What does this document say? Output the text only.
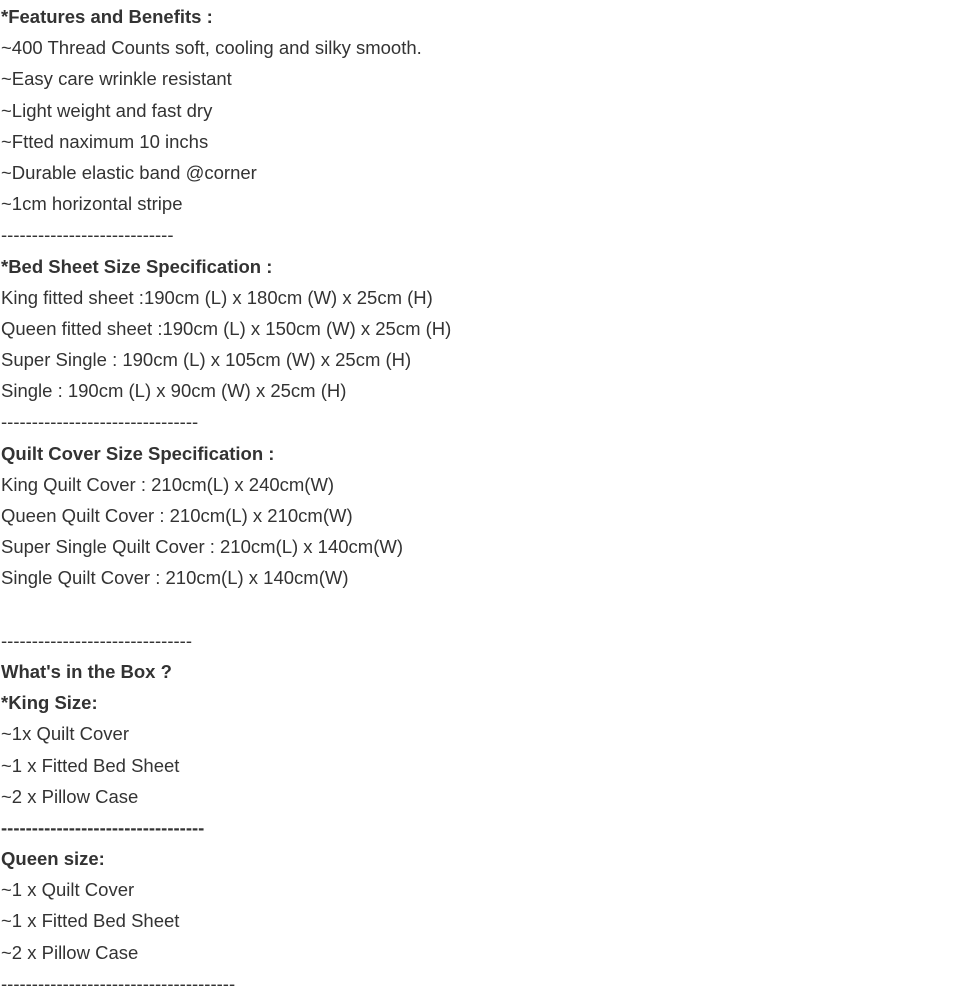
*Features and Benefits :
~400 Thread Counts soft, cooling and silky smooth.
~Easy care wrinkle resistant
~Light weight and fast dry
~Ftted naximum 10 inchs
~Durable elastic band @corner
~1cm horizontal stripe
----------------------------
*Bed Sheet Size Specification :
King fitted sheet :190cm (L) x 180cm (W) x 25cm (H)
Queen fitted sheet :190cm (L) x 150cm (W) x 25cm (H)
Super Single : 190cm (L) x 105cm (W) x 25cm (H)
Single : 190cm (L) x 90cm (W) x 25cm (H)
--------------------------------
Quilt Cover Size Specification :
King Quilt Cover : 210cm(L) x 240cm(W)
Queen Quilt Cover : 210cm(L) x 210cm(W)
Super Single Quilt Cover : 210cm(L) x 140cm(W)
Single Quilt Cover : 210cm(L) x 140cm(W)
-------------------------------
What's in the Box ?
*King Size:
~1x Quilt Cover
~1 x Fitted Bed Sheet
~2 x Pillow Case
---------------------------------
Queen size:
~1 x Quilt Cover
~1 x Fitted Bed Sheet
~2 x Pillow Case
--------------------------------------
